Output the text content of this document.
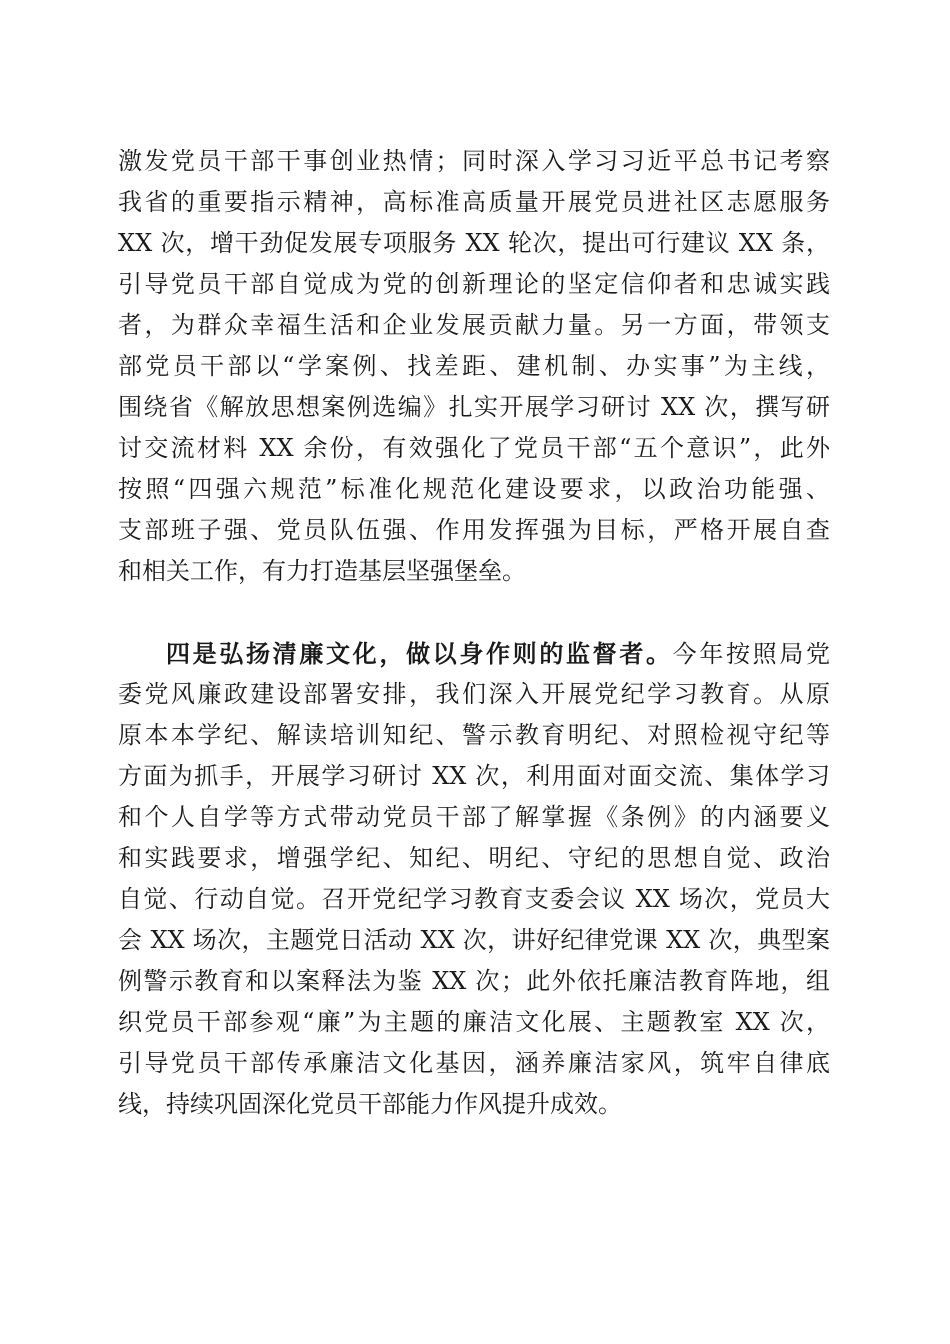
激发党员干部干事创业热情；同时深入学习习近平总书记考察
我省的重要指示精神，高标准高质量开展党员进社区志愿服务
XX 次，增干劲促发展专项服务 XX 轮次，提出可行建议 XX 条，
引导党员干部自觉成为党的创新理论的坚定信仰者和忠诚实践
者，为群众幸福生活和企业发展贡献力量。另一方面，带领支
部党员干部以“学案例、找差距、建机制、办实事”为主线，
围绕省《解放思想案例选编》扎实开展学习研讨 XX 次，撰写研
讨交流材料 XX 余份，有效强化了党员干部“五个意识”，此外
按照“四强六规范”标准化规范化建设要求，以政治功能强、
支部班子强、党员队伍强、作用发挥强为目标，严格开展自查
和相关工作，有力打造基层坚强堡垒。
四是弘扬清廉文化，做以身作则的监督者。今年按照局党
委党风廉政建设部署安排，我们深入开展党纪学习教育。从原
原本本学纪、解读培训知纪、警示教育明纪、对照检视守纪等
方面为抓手，开展学习研讨 XX 次，利用面对面交流、集体学习
和个人自学等方式带动党员干部了解掌握《条例》的内涵要义
和实践要求，增强学纪、知纪、明纪、守纪的思想自觉、政治
自觉、行动自觉。召开党纪学习教育支委会议 XX 场次，党员大
会 XX 场次，主题党日活动 XX 次，讲好纪律党课 XX 次，典型案
例警示教育和以案释法为鉴 XX 次；此外依托廉洁教育阵地，组
织党员干部参观“廉”为主题的廉洁文化展、主题教室 XX 次，
引导党员干部传承廉洁文化基因，涵养廉洁家风，筑牢自律底
线，持续巩固深化党员干部能力作风提升成效。
